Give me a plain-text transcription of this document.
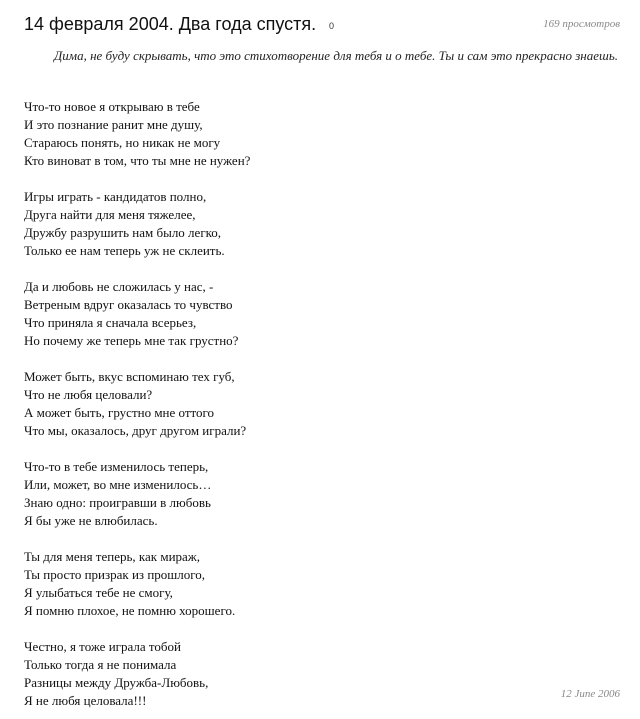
14 февраля 2004. Два года спустя. 0	169 просмотров
Дима, не буду скрывать, что это стихотворение для тебя и о тебе. Ты и сам это прекрасно знаешь.
Что-то новое я открываю в тебе
И это познание ранит мне душу,
Стараюсь понять, но никак не могу
Кто виноват в том, что ты мне не нужен?
Игры играть - кандидатов полно,
Друга найти для меня тяжелее,
Дружбу разрушить нам было легко,
Только ее нам теперь уж не склеить.
Да и любовь не сложилась у нас, -
Ветреным вдруг оказалась то чувство
Что приняла я сначала всерьез,
Но почему же теперь мне так грустно?
Может быть, вкус вспоминаю тех губ,
Что не любя целовали?
А может быть, грустно мне оттого
Что мы, оказалось, друг другом играли?
Что-то в тебе изменилось теперь,
Или, может, во мне изменилось…
Знаю одно: проигравши в любовь
Я бы уже не влюбилась.
Ты для меня теперь, как мираж,
Ты просто призрак из прошлого,
Я улыбаться тебе не смогу,
Я помню плохое, не помню хорошего.
Честно, я тоже играла тобой
Только тогда я не понимала
Разницы между Дружба-Любовь,
Я не любя целовала!!!	12 June 2006
